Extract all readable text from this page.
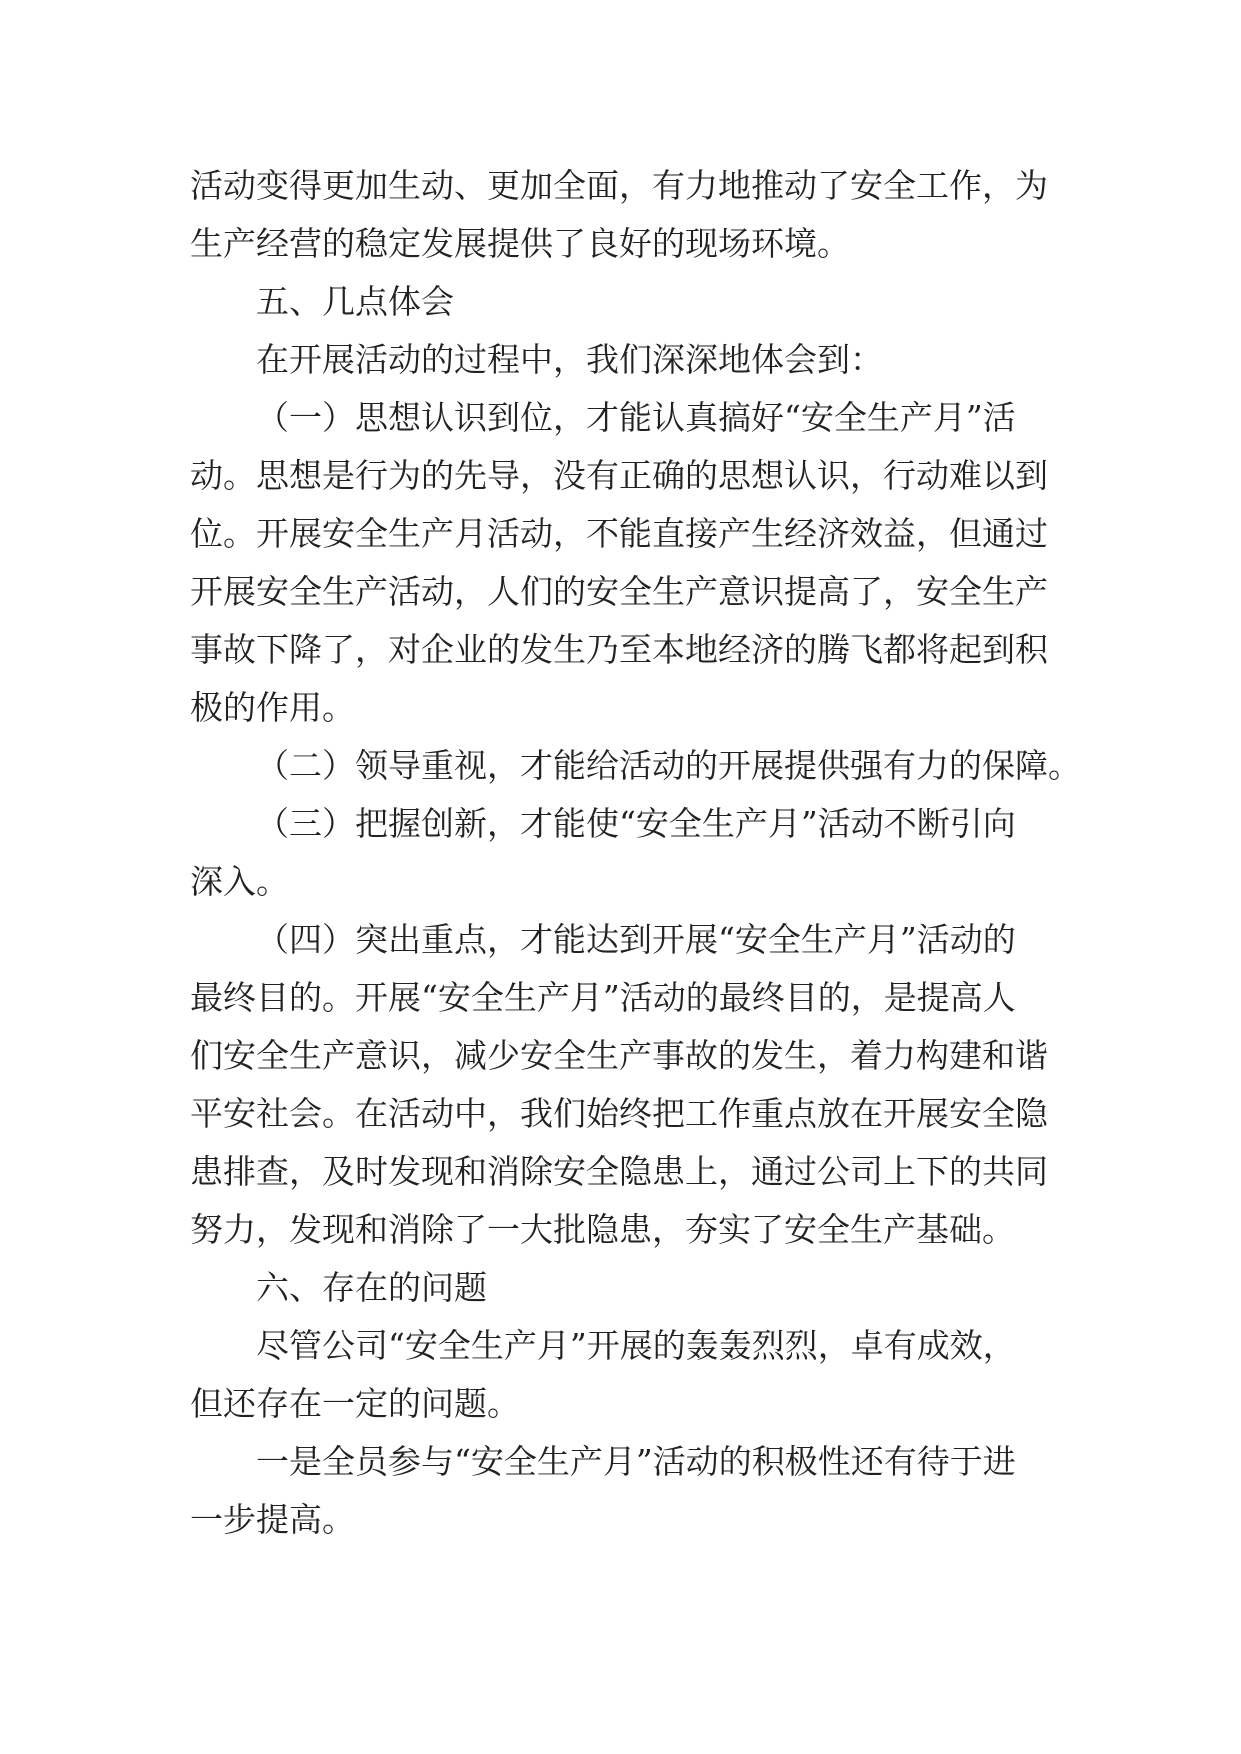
活动变得更加生动、更加全面，有力地推动了安全工作，为
生产经营的稳定发展提供了良好的现场环境。
五、几点体会
在开展活动的过程中，我们深深地体会到：
（一）思想认识到位，才能认真搞好“安全生产月”活
动。思想是行为的先导，没有正确的思想认识，行动难以到
位。开展安全生产月活动，不能直接产生经济效益，但通过
开展安全生产活动，人们的安全生产意识提高了，安全生产
事故下降了，对企业的发生乃至本地经济的腾飞都将起到积
极的作用。
（二）领导重视，才能给活动的开展提供强有力的保障。
（三）把握创新，才能使“安全生产月”活动不断引向
深入。
（四）突出重点，才能达到开展“安全生产月”活动的
最终目的。开展“安全生产月”活动的最终目的，是提高人
们安全生产意识，减少安全生产事故的发生，着力构建和谐
平安社会。在活动中，我们始终把工作重点放在开展安全隐
患排查，及时发现和消除安全隐患上，通过公司上下的共同
努力，发现和消除了一大批隐患，夯实了安全生产基础。
六、存在的问题
尽管公司“安全生产月”开展的轰轰烈烈，卓有成效，
但还存在一定的问题。
一是全员参与“安全生产月”活动的积极性还有待于进
一步提高。
